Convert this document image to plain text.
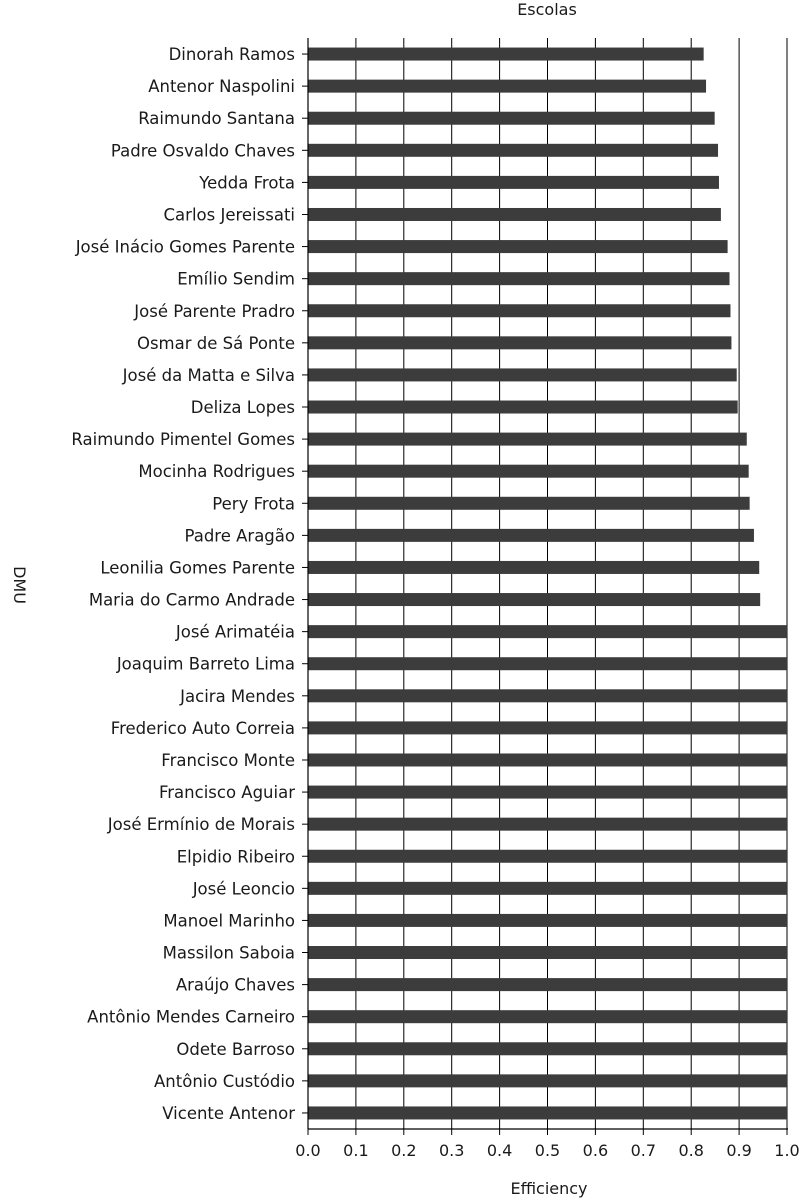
Dinorah Ramos
Antenor Naspolini
Raimundo Santana
Padre Osvaldo Chaves
Yedda Frota
Carlos Jereissati
José Inácio Gomes Parente
Emílio Sendim
José Parente Pradro
Osmar de Sá Ponte
José da Matta e Silva
Deliza Lopes
Raimundo Pimentel Gomes
Mocinha Rodrigues
Pery Frota
Padre Aragão
Leonilia Gomes Parente
Maria do Carmo Andrade
José Arimatéia
Joaquim Barreto Lima
Jacira Mendes
Frederico Auto Correia
Francisco Monte
Francisco Aguiar
José Ermínio de Morais
Elpidio Ribeiro
José Leoncio
Manoel Marinho
Massilon Saboia
Araújo Chaves
Antônio Mendes Carneiro
Odete Barroso
Antônio Custódio
Vicente Antenor
0.0 0.1 0.2 0.3 0.4 0.5 0.6 0.7 0.8 0.9 1.0
Escolas
Efficiency
DMU
